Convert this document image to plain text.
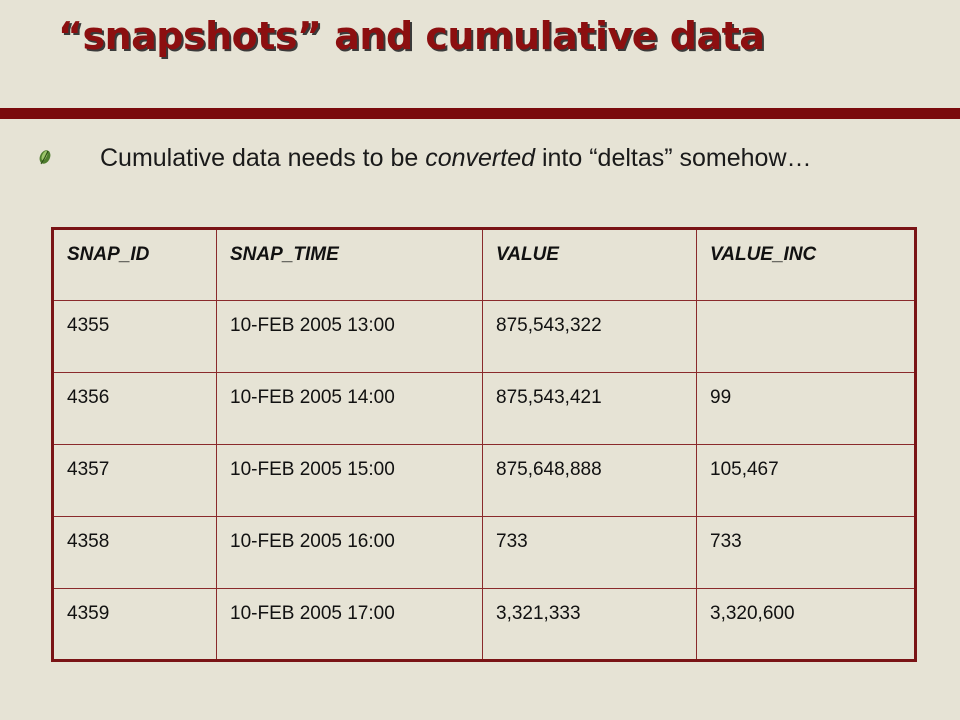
“snapshots” and cumulative data
Cumulative data needs to be converted into “deltas” somehow…
SNAP_ID	SNAP_TIME	VALUE	VALUE_INC
4355	10-FEB 2005 13:00	875,543,322	
4356	10-FEB 2005 14:00	875,543,421	99
4357	10-FEB 2005 15:00	875,648,888	105,467
4358	10-FEB 2005 16:00	733	733
4359	10-FEB 2005 17:00	3,321,333	3,320,600
